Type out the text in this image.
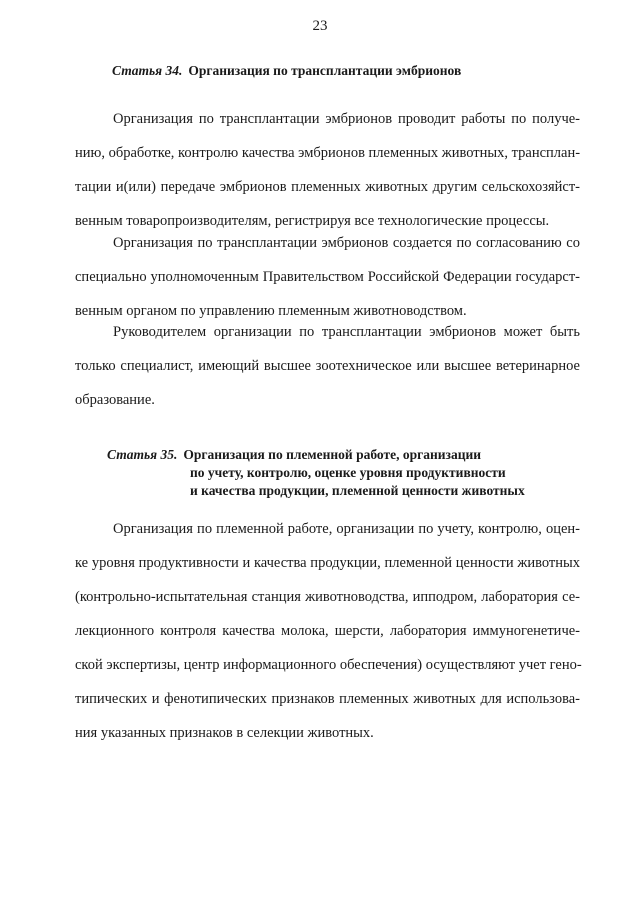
23
Статья 34. Организация по трансплантации эмбрионов
Организация по трансплантации эмбрионов проводит работы по получе-
нию, обработке, контролю качества эмбрионов племенных животных, трансплан-
тации и(или) передаче эмбрионов племенных животных другим сельскохозяйст-
венным товаропроизводителям, регистрируя все технологические процессы.
Организация по трансплантации эмбрионов создается по согласованию со
специально уполномоченным Правительством Российской Федерации государст-
венным органом по управлению племенным животноводством.
Руководителем организации по трансплантации эмбрионов может быть
только специалист, имеющий высшее зоотехническое или высшее ветеринарное
образование.
Статья 35. Организация по племенной работе, организации
по учету, контролю, оценке уровня продуктивности
и качества продукции, племенной ценности животных
Организация по племенной работе, организации по учету, контролю, оцен-
ке уровня продуктивности и качества продукции, племенной ценности животных
(контрольно-испытательная станция животноводства, ипподром, лаборатория се-
лекционного контроля качества молока, шерсти, лаборатория иммуногенетиче-
ской экспертизы, центр информационного обеспечения) осуществляют учет гено-
типических и фенотипических признаков племенных животных для использова-
ния указанных признаков в селекции животных.
